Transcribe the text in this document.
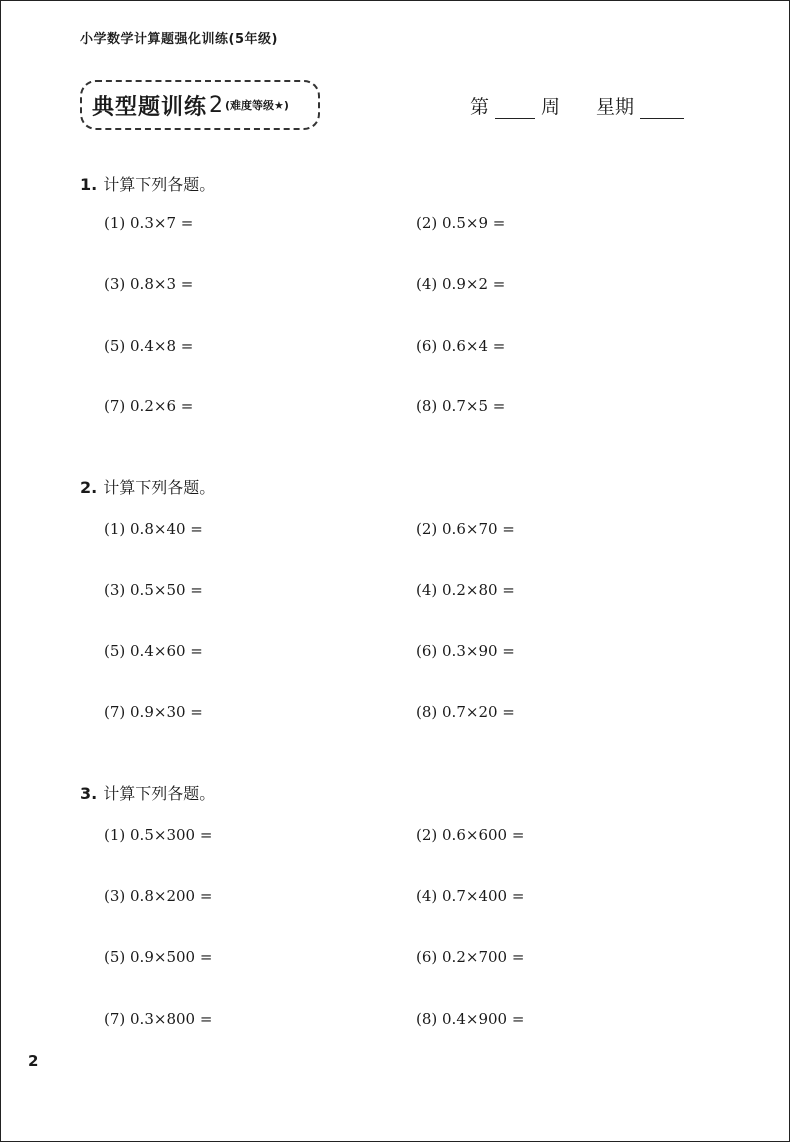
小学数学计算题强化训练(5年级)
典型题训练 2 (难度等级★)	第	周 星期
1. 计算下列各题。
(1) 0.3×7 =	(2) 0.5×9 =
(3) 0.8×3 =	(4) 0.9×2 =
(5) 0.4×8 =	(6) 0.6×4 =
(7) 0.2×6 =	(8) 0.7×5 =
2. 计算下列各题。
(1) 0.8×40 =	(2) 0.6×70 =
(3) 0.5×50 =	(4) 0.2×80 =
(5) 0.4×60 =	(6) 0.3×90 =
(7) 0.9×30 =	(8) 0.7×20 =
3. 计算下列各题。
(1) 0.5×300 =	(2) 0.6×600 =
(3) 0.8×200 =	(4) 0.7×400 =
(5) 0.9×500 =	(6) 0.2×700 =
(7) 0.3×800 =	(8) 0.4×900 =
2
